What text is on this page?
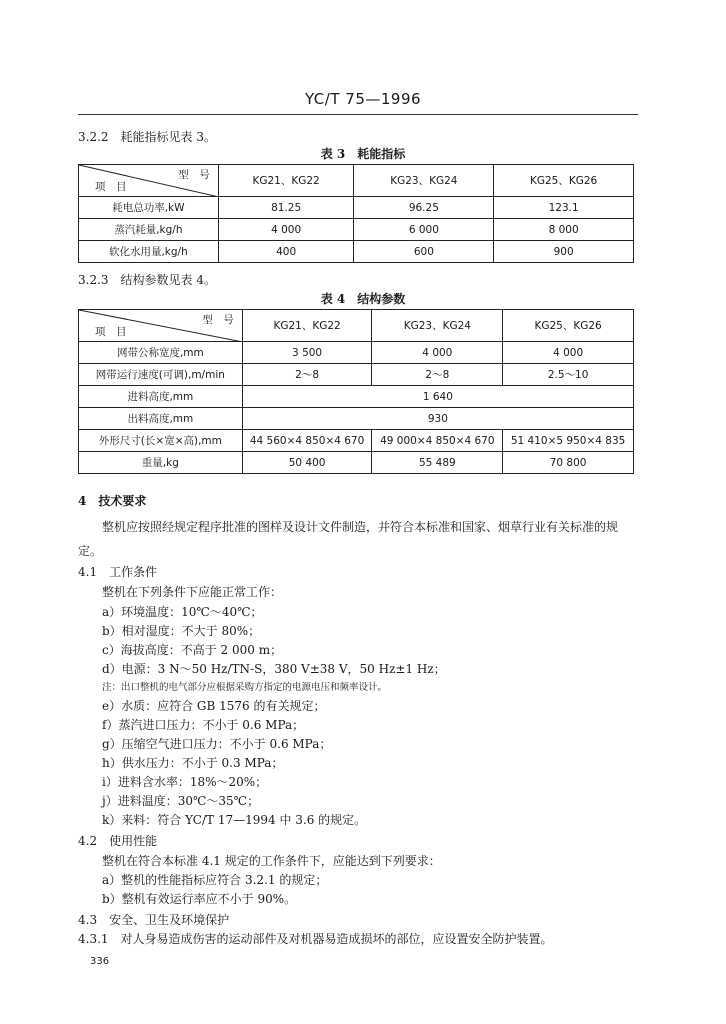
YC/T 75—1996
3.2.2　耗能指标见表 3。
表 3　耗能指标
型　号
项　目	KG21、KG22	KG23、KG24	KG25、KG26
耗电总功率,kW	81.25	96.25	123.1
蒸汽耗量,kg/h	4 000	6 000	8 000
软化水用量,kg/h	400	600	900
3.2.3　结构参数见表 4。
表 4　结构参数
型　号
项　目	KG21、KG22	KG23、KG24	KG25、KG26
网带公称宽度,mm	3 500	4 000	4 000
网带运行速度(可调),m/min	2～8	2～8	2.5～10
进料高度,mm	1 640		
出料高度,mm	930		
外形尺寸(长×宽×高),mm	44 560×4 850×4 670	49 000×4 850×4 670	51 410×5 950×4 835
重量,kg	50 400	55 489	70 800
4　技术要求
整机应按照经规定程序批准的图样及设计文件制造，并符合本标准和国家、烟草行业有关标准的规
定。
4.1　工作条件
整机在下列条件下应能正常工作：
a）环境温度：10℃～40℃；
b）相对湿度：不大于 80%；
c）海拔高度：不高于 2 000 m；
d）电源：3 N～50 Hz/TN-S，380 V±38 V，50 Hz±1 Hz；
注：出口整机的电气部分应根据采购方指定的电源电压和频率设计。
e）水质：应符合 GB 1576 的有关规定；
f）蒸汽进口压力：不小于 0.6 MPa；
g）压缩空气进口压力：不小于 0.6 MPa；
h）供水压力：不小于 0.3 MPa；
i）进料含水率：18%～20%；
j）进料温度：30℃～35℃；
k）来料：符合 YC/T 17—1994 中 3.6 的规定。
4.2　使用性能
整机在符合本标准 4.1 规定的工作条件下，应能达到下列要求：
a）整机的性能指标应符合 3.2.1 的规定；
b）整机有效运行率应不小于 90%。
4.3　安全、卫生及环境保护
4.3.1　对人身易造成伤害的运动部件及对机器易造成损坏的部位，应设置安全防护装置。
336
